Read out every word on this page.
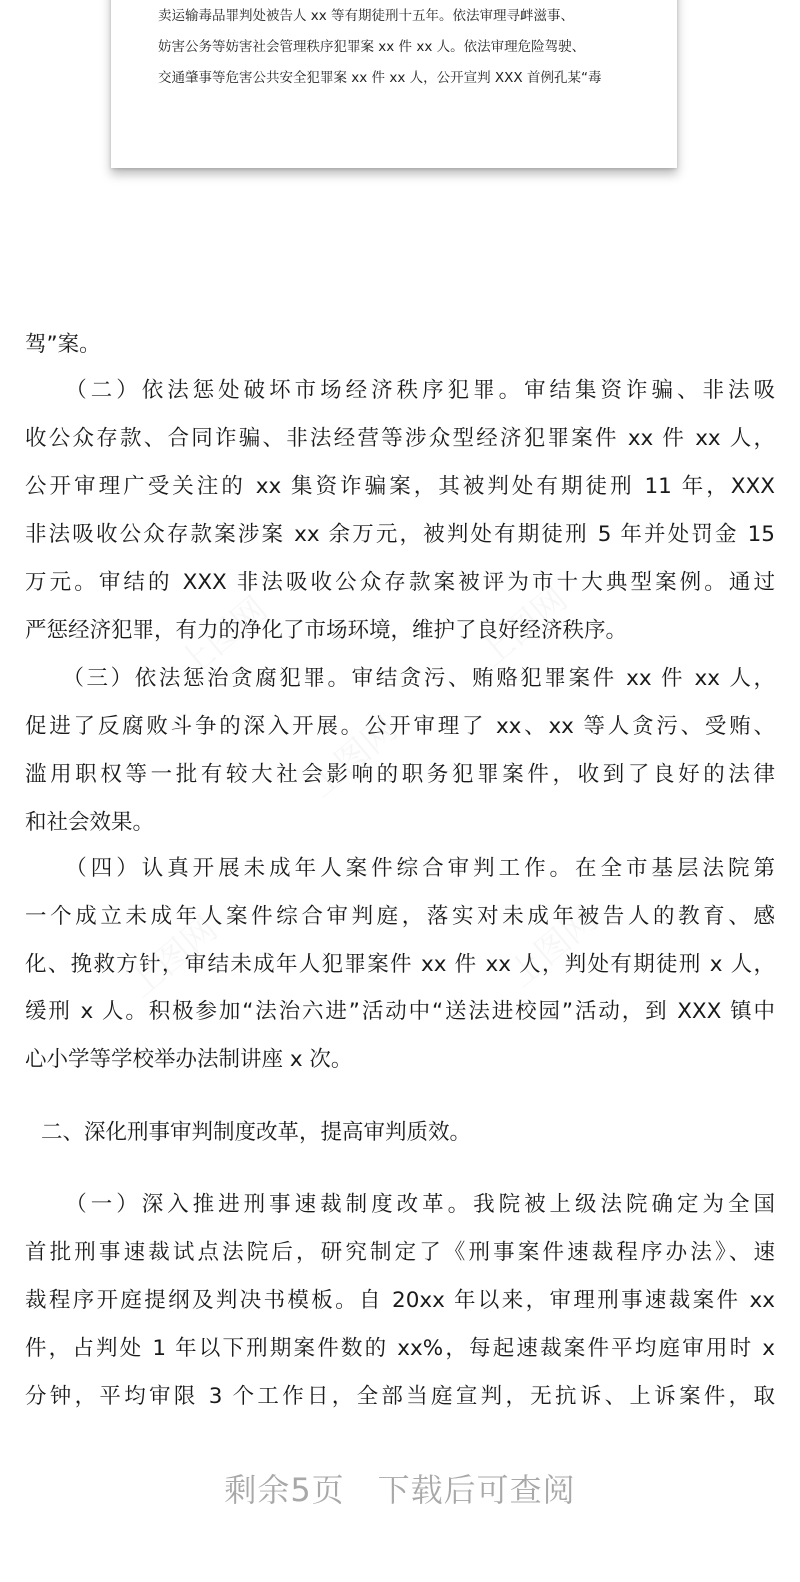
卖运输毒品罪判处被告人 xx 等有期徒刑十五年。依法审理寻衅滋事、
妨害公务等妨害社会管理秩序犯罪案 xx 件 xx 人。依法审理危险驾驶、
交通肇事等危害公共安全犯罪案 xx 件 xx 人，公开宣判 XXX 首例孔某“毒
驾”案。
　　（二）依法惩处破坏市场经济秩序犯罪。审结集资诈骗、非法吸
收公众存款、合同诈骗、非法经营等涉众型经济犯罪案件 xx 件 xx 人，
公开审理广受关注的 xx 集资诈骗案，其被判处有期徒刑 11 年，XXX
非法吸收公众存款案涉案 xx 余万元，被判处有期徒刑 5 年并处罚金 15
万元。审结的 XXX 非法吸收公众存款案被评为市十大典型案例。通过
严惩经济犯罪，有力的净化了市场环境，维护了良好经济秩序。
　　（三）依法惩治贪腐犯罪。审结贪污、贿赂犯罪案件 xx 件 xx 人，
促进了反腐败斗争的深入开展。公开审理了 xx、xx 等人贪污、受贿、
滥用职权等一批有较大社会影响的职务犯罪案件，收到了良好的法律
和社会效果。
　　（四）认真开展未成年人案件综合审判工作。在全市基层法院第
一个成立未成年人案件综合审判庭，落实对未成年被告人的教育、感
化、挽救方针，审结未成年人犯罪案件 xx 件 xx 人，判处有期徒刑 x 人，
缓刑 x 人。积极参加“法治六进”活动中“送法进校园”活动，到 XXX 镇中
心小学等学校举办法制讲座 x 次。
二、深化刑事审判制度改革，提高审判质效。
　　（一）深入推进刑事速裁制度改革。我院被上级法院确定为全国
首批刑事速裁试点法院后，研究制定了《刑事案件速裁程序办法》、速
裁程序开庭提纲及判决书模板。自 20xx 年以来，审理刑事速裁案件 xx
件，占判处 1 年以下刑期案件数的 xx%，每起速裁案件平均庭审用时 x
分钟，平均审限 3 个工作日，全部当庭宣判，无抗诉、上诉案件，取
剩余5页　下载后可查阅
